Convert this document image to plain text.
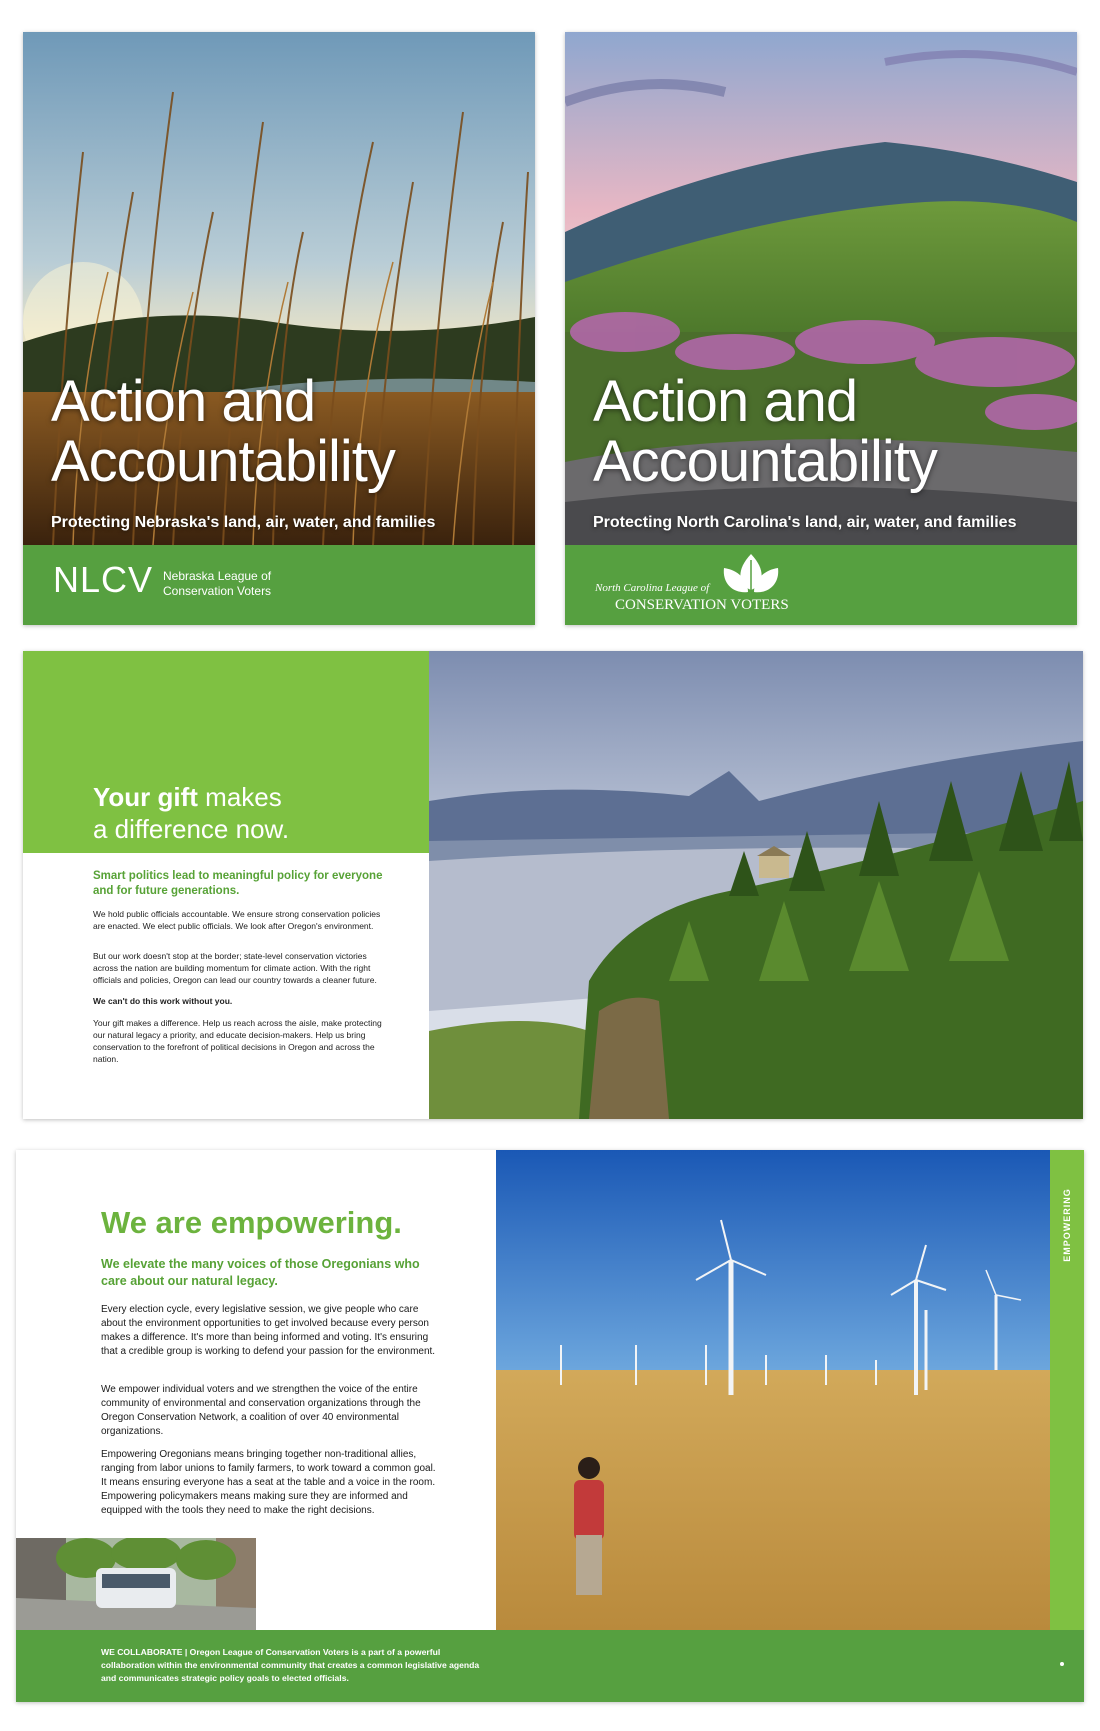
Action and
Accountability
Protecting Nebraska's land, air, water, and families
NLCV Nebraska League of
Conservation Voters
Action and
Accountability
Protecting North Carolina's land, air, water, and families
North Carolina League of
CONSERVATION VOTERS
Your gift makes
a difference now.

Smart politics lead to meaningful policy for everyone and for future generations.

We hold public officials accountable. We ensure strong conservation policies are enacted. We elect public officials. We look after Oregon's environment.

But our work doesn't stop at the border; state-level conservation victories across the nation are building momentum for climate action. With the right officials and policies, Oregon can lead our country towards a cleaner future.

We can't do this work without you.

Your gift makes a difference. Help us reach across the aisle, make protecting our natural legacy a priority, and educate decision-makers. Help us bring conservation to the forefront of political decisions in Oregon and across the nation.

We are empowering.

We elevate the many voices of those Oregonians who care about our natural legacy.

Every election cycle, every legislative session, we give people who care about the environment opportunities to get involved because every person makes a difference. It's more than being informed and voting. It's ensuring that a credible group is working to defend your passion for the environment.

We empower individual voters and we strengthen the voice of the entire community of environmental and conservation organizations through the Oregon Conservation Network, a coalition of over 40 environmental organizations.

Empowering Oregonians means bringing together non-traditional allies, ranging from labor unions to family farmers, to work toward a common goal. It means ensuring everyone has a seat at the table and a voice in the room. Empowering policymakers means making sure they are informed and equipped with the tools they need to make the right decisions.

EMPOWERING

WE COLLABORATE | Oregon League of Conservation Voters is a part of a powerful collaboration within the environmental community that creates a common legislative agenda and communicates strategic policy goals to elected officials.
